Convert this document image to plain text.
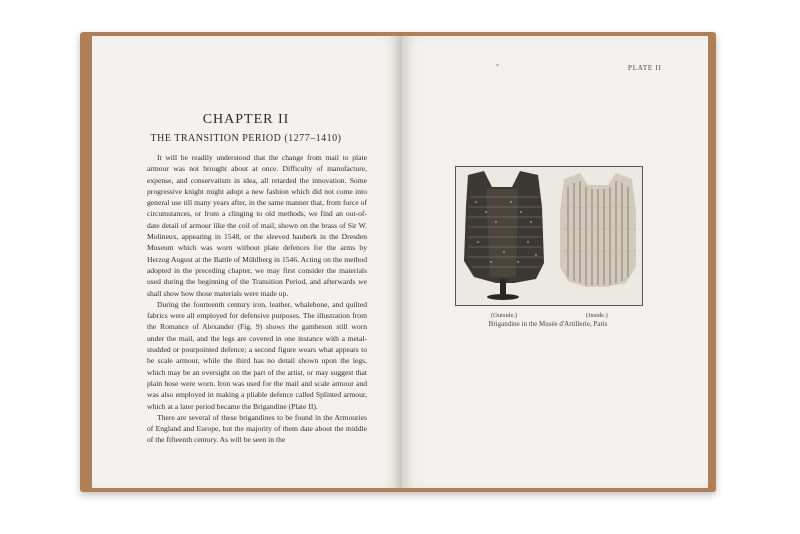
CHAPTER II
THE TRANSITION PERIOD (1277–1410)

It will be readily understood that the change from mail to plate armour was not brought about at once. Difficulty of manufacture, expense, and conservatism in idea, all retarded the innovation. Some progressive knight might adopt a new fashion which did not come into general use till many years after, in the same manner that, from force of circumstances, or from a clinging to old methods, we find an out-of-date detail of armour like the coil of mail, shown on the brass of Sir W. Molineux, appearing in 1548, or the sleeved hauberk in the Dresden Museum which was worn without plate defences for the arms by Herzog August at the Battle of Mühlberg in 1546. Acting on the method adopted in the preceding chapter, we may first consider the materials used during the beginning of the Transition Period, and afterwards we shall show how those materials were made up.

During the fourteenth century iron, leather, whalebone, and quilted fabrics were all employed for defensive purposes. The illustration from the Romance of Alexander (Fig. 9) shows the gambeson still worn under the mail, and the legs are covered in one instance with a metal-studded or pourpointed defence; a second figure wears what appears to be scale armour, while the third has no detail shown upon the legs, which may be an oversight on the part of the artist, or may suggest that plain hose were worn. Iron was used for the mail and scale armour and was also employed in making a pliable defence called Splinted armour, which at a later period became the Brigandine (Plate II).

There are several of these brigandines to be found in the Armouries of England and Europe, but the majority of them date about the middle of the fifteenth century. As will be seen in the

*	PLATE II
(Outside.)	(Inside.)
Brigandine in the Musée d'Artillerie, Paris
